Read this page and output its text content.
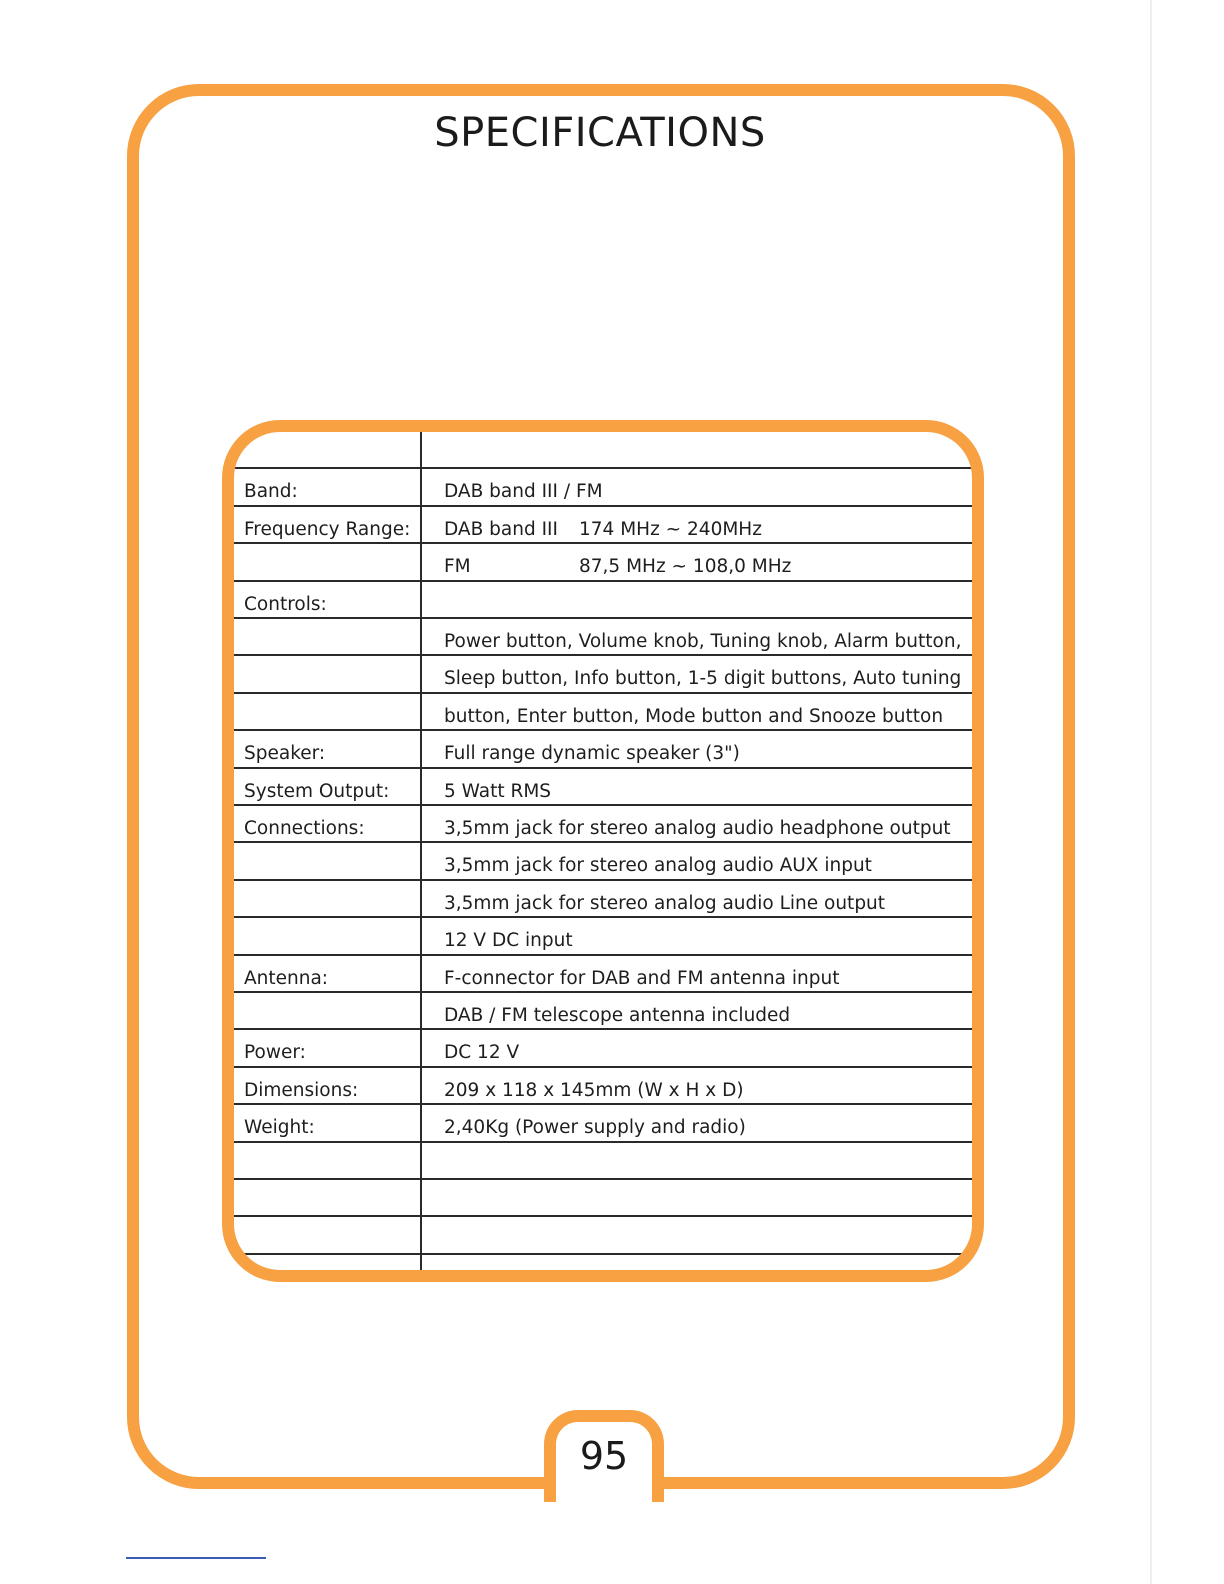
SPECIFICATIONS
Band:	DAB band III / FM
Frequency Range: DAB band III 174 MHz ~ 240MHz
FM	87,5 MHz ~ 108,0 MHz
Controls:
Power button, Volume knob, Tuning knob, Alarm button,
Sleep button, Info button, 1-5 digit buttons, Auto tuning
button, Enter button, Mode button and Snooze button
Speaker:	Full range dynamic speaker (3")
System Output:	5 Watt RMS
Connections:	3,5mm jack for stereo analog audio headphone output
3,5mm jack for stereo analog audio AUX input
3,5mm jack for stereo analog audio Line output
12 V DC input
Antenna:	F-connector for DAB and FM antenna input
DAB / FM telescope antenna included
Power:	DC 12 V
Dimensions:	209 x 118 x 145mm (W x H x D)
Weight:	2,40Kg (Power supply and radio)
95
